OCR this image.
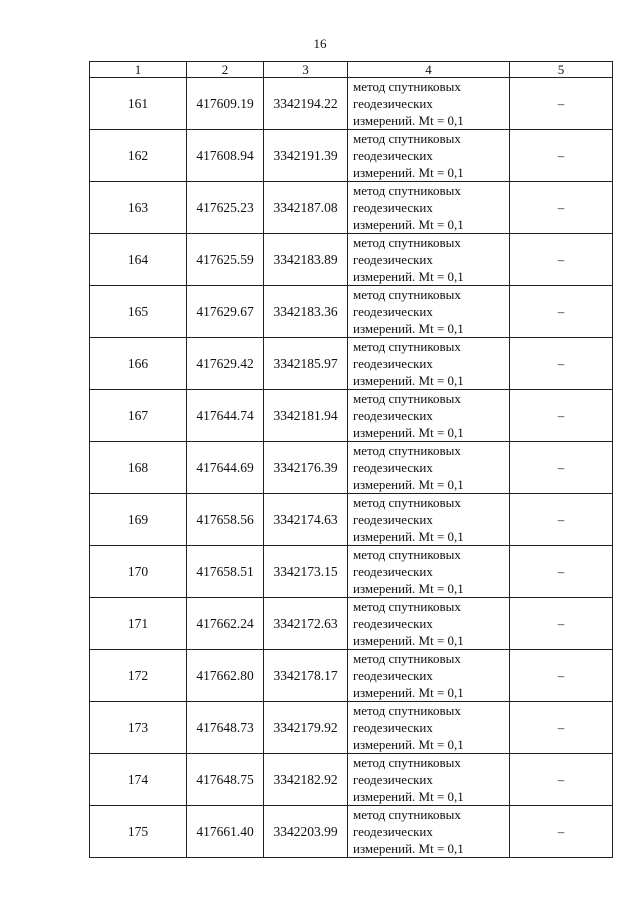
16
1	2	3	4	5
161	417609.19	3342194.22	метод спутниковых
геодезических
измерений. Mt = 0,1	–
162	417608.94	3342191.39	метод спутниковых
геодезических
измерений. Mt = 0,1	–
163	417625.23	3342187.08	метод спутниковых
геодезических
измерений. Mt = 0,1	–
164	417625.59	3342183.89	метод спутниковых
геодезических
измерений. Mt = 0,1	–
165	417629.67	3342183.36	метод спутниковых
геодезических
измерений. Mt = 0,1	–
166	417629.42	3342185.97	метод спутниковых
геодезических
измерений. Mt = 0,1	–
167	417644.74	3342181.94	метод спутниковых
геодезических
измерений. Mt = 0,1	–
168	417644.69	3342176.39	метод спутниковых
геодезических
измерений. Mt = 0,1	–
169	417658.56	3342174.63	метод спутниковых
геодезических
измерений. Mt = 0,1	–
170	417658.51	3342173.15	метод спутниковых
геодезических
измерений. Mt = 0,1	–
171	417662.24	3342172.63	метод спутниковых
геодезических
измерений. Mt = 0,1	–
172	417662.80	3342178.17	метод спутниковых
геодезических
измерений. Mt = 0,1	–
173	417648.73	3342179.92	метод спутниковых
геодезических
измерений. Mt = 0,1	–
174	417648.75	3342182.92	метод спутниковых
геодезических
измерений. Mt = 0,1	–
175	417661.40	3342203.99	метод спутниковых
геодезических
измерений. Mt = 0,1	–
